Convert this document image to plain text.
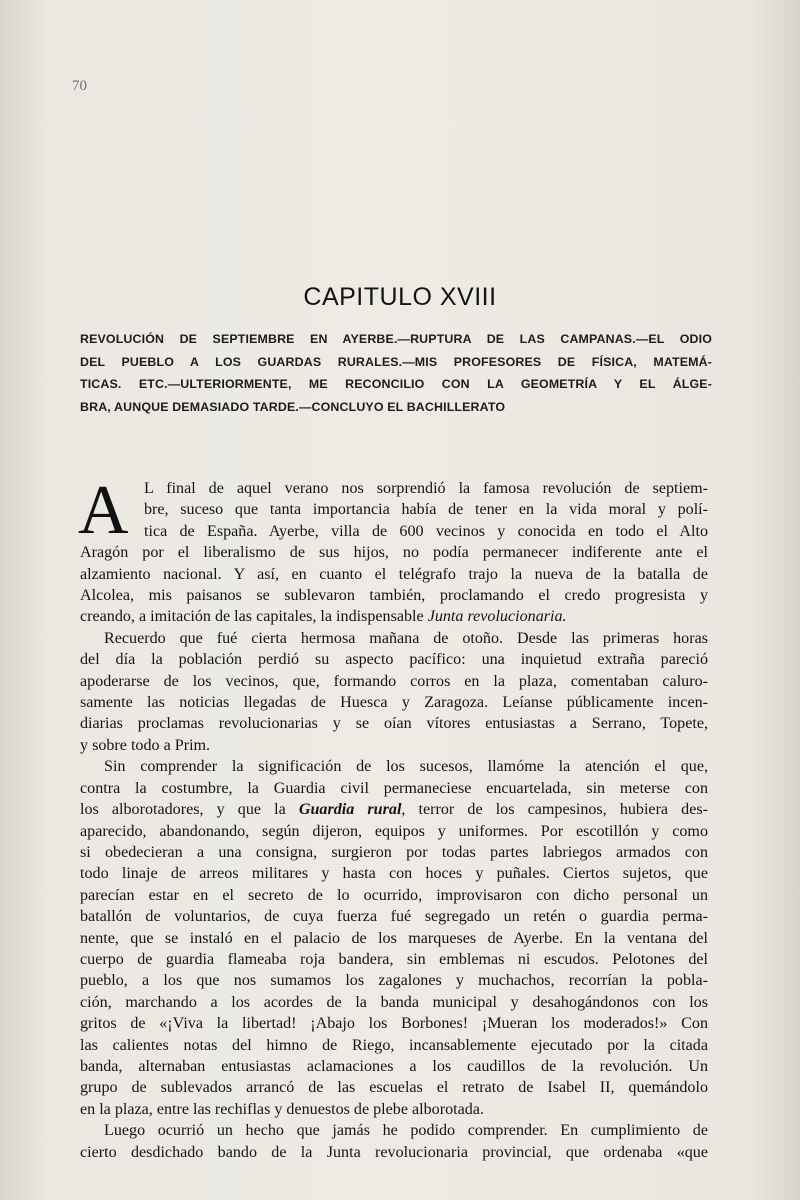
70
CAPITULO XVIII
REVOLUCIÓN DE SEPTIEMBRE EN AYERBE.—RUPTURA DE LAS CAMPANAS.—EL ODIO
DEL PUEBLO A LOS GUARDAS RURALES.—MIS PROFESORES DE FÍSICA, MATEMÁ-
TICAS. ETC.—ULTERIORMENTE, ME RECONCILIO CON LA GEOMETRÍA Y EL ÁLGE-
BRA, AUNQUE DEMASIADO TARDE.—CONCLUYO EL BACHILLERATO
A L final de aquel verano nos sorprendió la famosa revolución de septiem-
bre, suceso que tanta importancia había de tener en la vida moral y polí-
tica de España. Ayerbe, villa de 600 vecinos y conocida en todo el Alto
Aragón por el liberalismo de sus hijos, no podía permanecer indiferente ante el
alzamiento nacional. Y así, en cuanto el telégrafo trajo la nueva de la batalla de
Alcolea, mis paisanos se sublevaron también, proclamando el credo progresista y
creando, a imitación de las capitales, la indispensable Junta revolucionaria.
Recuerdo que fué cierta hermosa mañana de otoño. Desde las primeras horas
del día la población perdió su aspecto pacífico: una inquietud extraña pareció
apoderarse de los vecinos, que, formando corros en la plaza, comentaban caluro-
samente las noticias llegadas de Huesca y Zaragoza. Leíanse públicamente incen-
diarias proclamas revolucionarias y se oían vítores entusiastas a Serrano, Topete,
y sobre todo a Prim.
Sin comprender la significación de los sucesos, llamóme la atención el que,
contra la costumbre, la Guardia civil permaneciese encuartelada, sin meterse con
los alborotadores, y que la Guardia rural, terror de los campesinos, hubiera des-
aparecido, abandonando, según dijeron, equipos y uniformes. Por escotillón y como
si obedecieran a una consigna, surgieron por todas partes labriegos armados con
todo linaje de arreos militares y hasta con hoces y puñales. Ciertos sujetos, que
parecían estar en el secreto de lo ocurrido, improvisaron con dicho personal un
batallón de voluntarios, de cuya fuerza fué segregado un retén o guardia perma-
nente, que se instaló en el palacio de los marqueses de Ayerbe. En la ventana del
cuerpo de guardia flameaba roja bandera, sin emblemas ni escudos. Pelotones del
pueblo, a los que nos sumamos los zagalones y muchachos, recorrían la pobla-
ción, marchando a los acordes de la banda municipal y desahogándonos con los
gritos de «¡Viva la libertad! ¡Abajo los Borbones! ¡Mueran los moderados!» Con
las calientes notas del himno de Riego, incansablemente ejecutado por la citada
banda, alternaban entusiastas aclamaciones a los caudillos de la revolución. Un
grupo de sublevados arrancó de las escuelas el retrato de Isabel II, quemándolo
en la plaza, entre las rechiflas y denuestos de plebe alborotada.
Luego ocurrió un hecho que jamás he podido comprender. En cumplimiento de
cierto desdichado bando de la Junta revolucionaria provincial, que ordenaba «que
